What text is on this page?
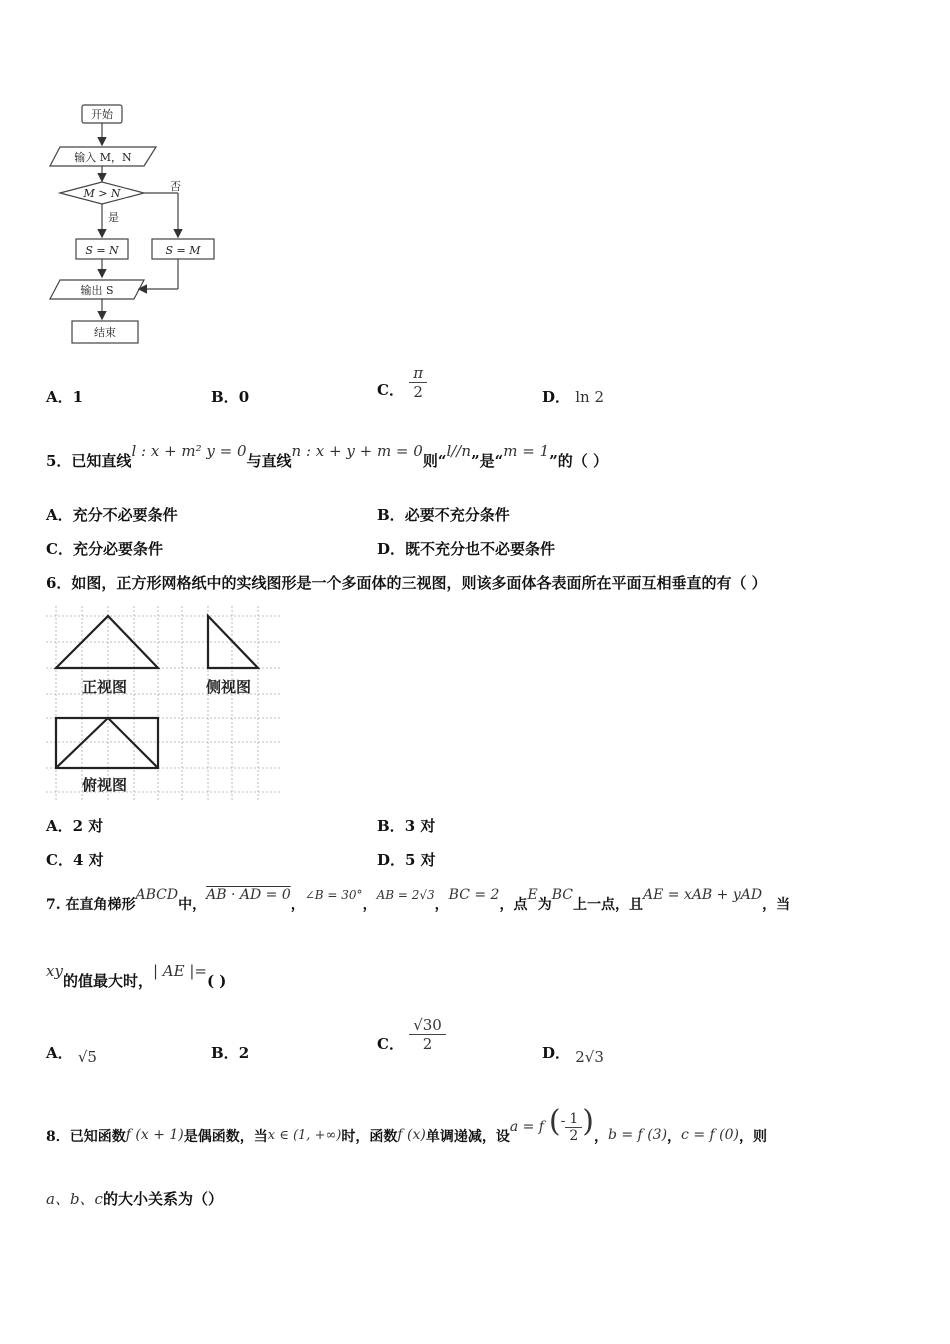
开始
输入 M，N
M > N
是
否
S = N	S = M
输出 S
结束
A．1	B．0	C． $\frac{\pi}{2}$	D． ln 2
5．已知直线l : x + m² y = 0与直线n : x + y + m = 0则“l//n”是“m = 1”的（ ）
A．充分不必要条件	B．必要不充分条件
C．充分必要条件	D．既不充分也不必要条件
6．如图，正方形网格纸中的实线图形是一个多面体的三视图，则该多面体各表面所在平面互相垂直的有（ ）
正视图	侧视图
俯视图
A．2 对	B．3 对
C．4 对	D．5 对
7. 在直角梯形ABCD中，AB · AD = 0，∠B = 30°，AB = 2√3，BC = 2，点E为BC上一点，且AE = xAB + yAD，当
xy的值最大时，| AE |=( )
A． √5	B．2
C． $\frac{√30}{2}$	D． 2√3
8．已知函数f (x + 1)是偶函数，当x ∈ (1, +∞)时，函数f (x)单调递减，设a = f (- $\frac{1}{2}$ )，b = f (3)，c = f (0)，则
a、b、c的大小关系为（）
